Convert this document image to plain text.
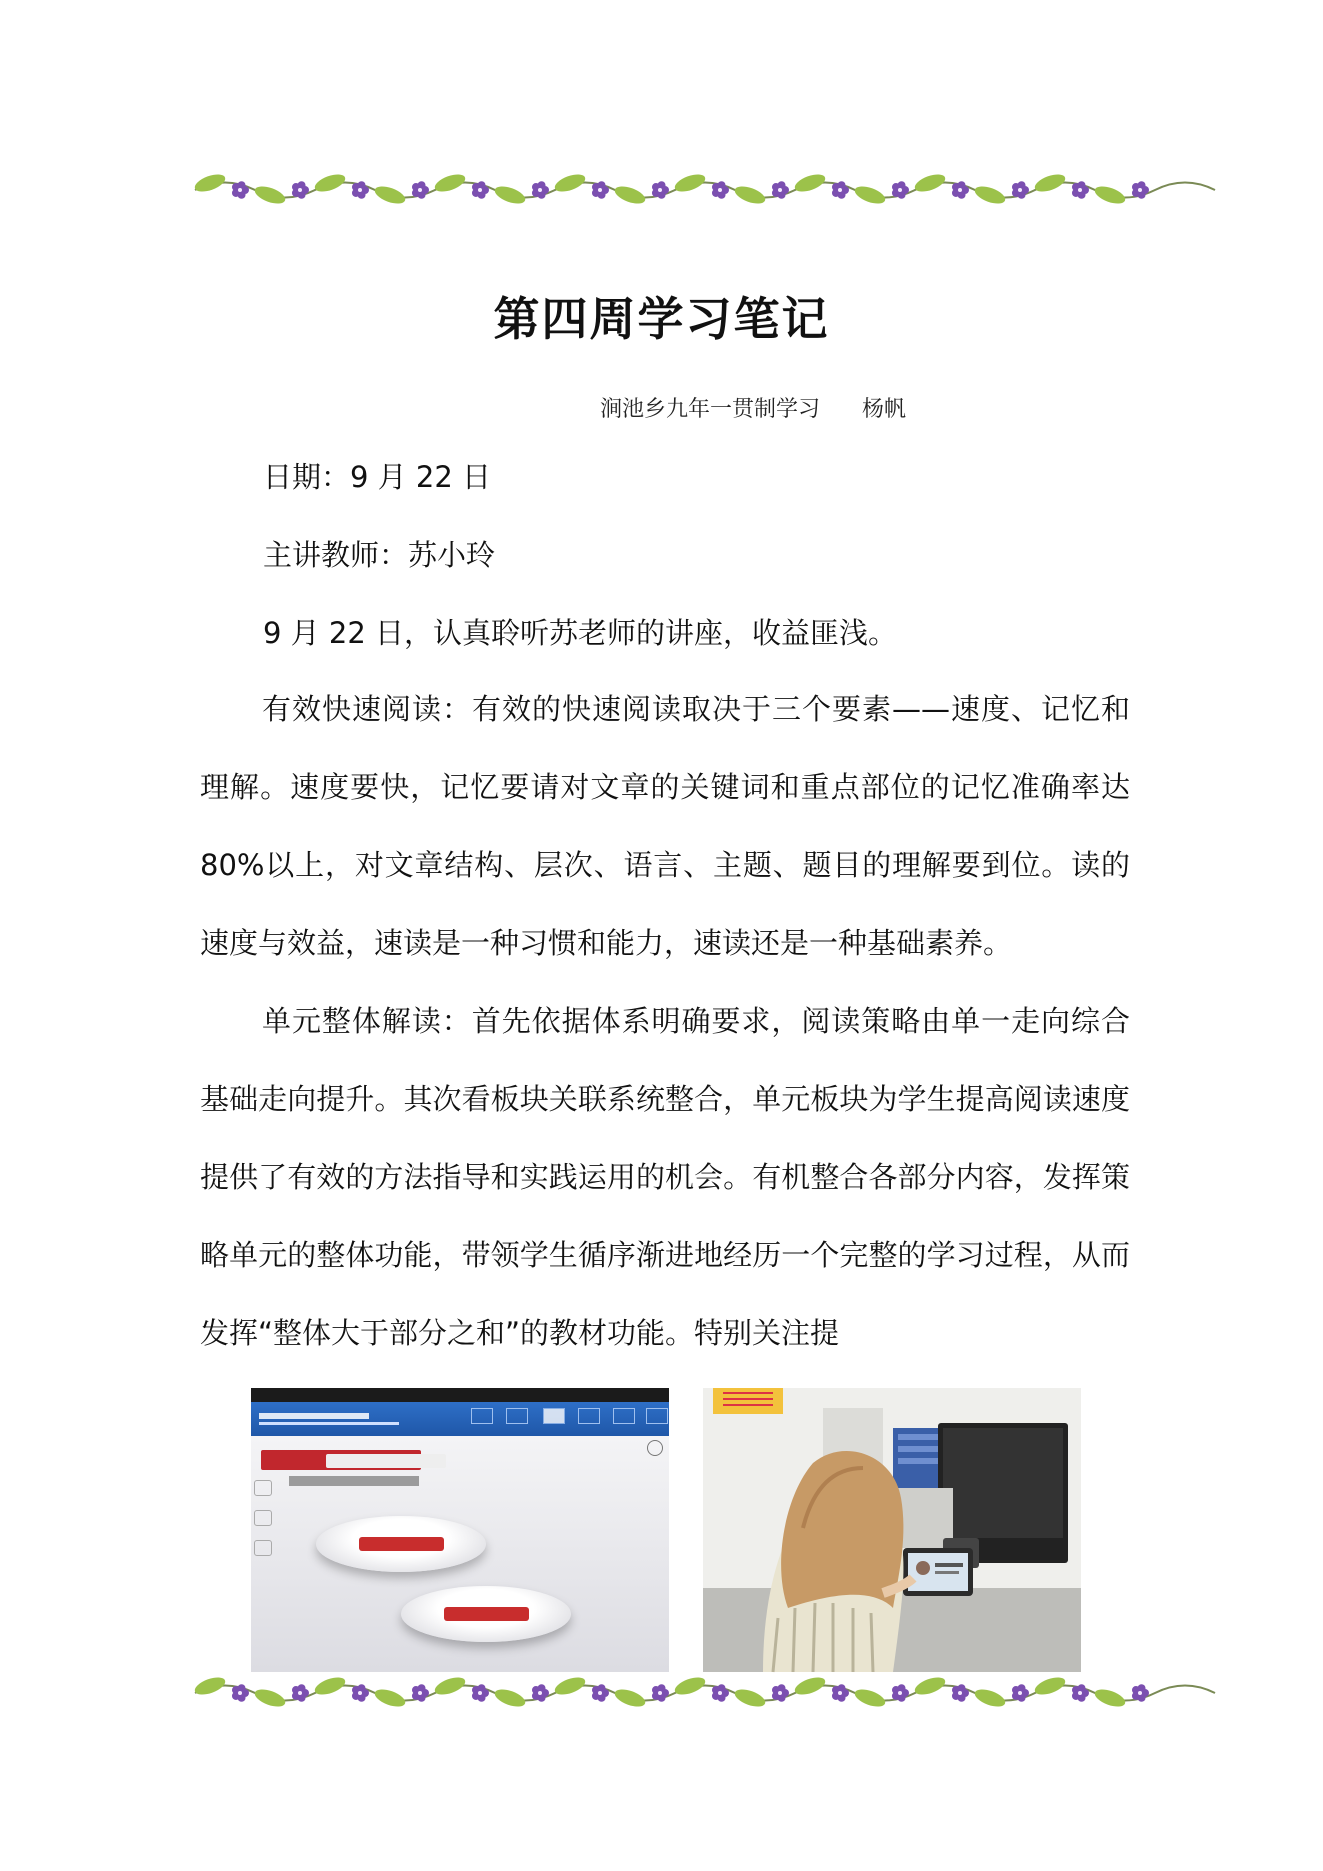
第四周学习笔记
涧池乡九年一贯制学习 杨帆
日期：9 月 22 日
主讲教师：苏小玲
9 月 22 日，认真聆听苏老师的讲座，收益匪浅。

有效快速阅读：有效的快速阅读取决于三个要素——速度、记忆和理解。速度要快，记忆要请对文章的关键词和重点部位的记忆准确率达 80%以上，对文章结构、层次、语言、主题、题目的理解要到位。读的速度与效益，速读是一种习惯和能力，速读还是一种基础素养。

单元整体解读：首先依据体系明确要求，阅读策略由单一走向综合基础走向提升。其次看板块关联系统整合，单元板块为学生提高阅读速度提供了有效的方法指导和实践运用的机会。有机整合各部分内容，发挥策略单元的整体功能，带领学生循序渐进地经历一个完整的学习过程，从而发挥“整体大于部分之和”的教材功能。特别关注提
